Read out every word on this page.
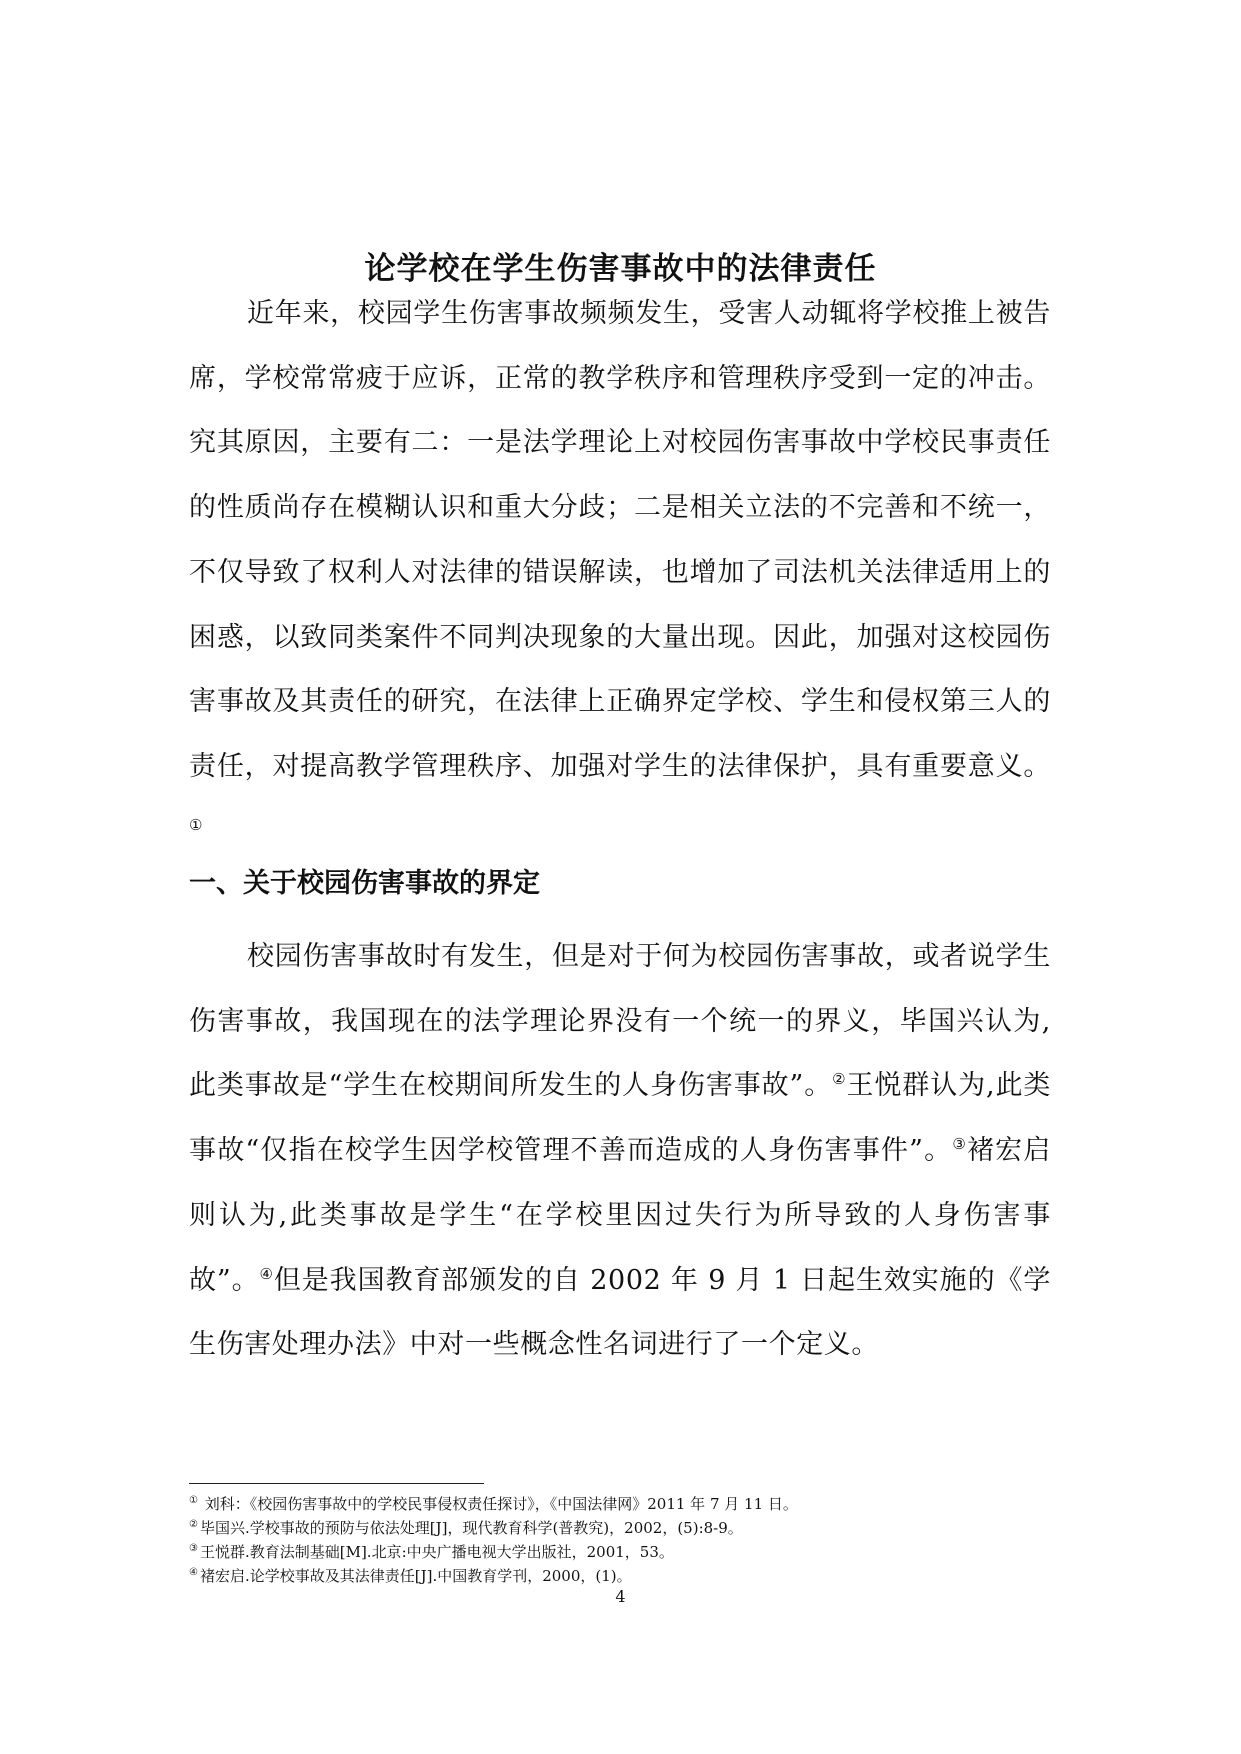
论学校在学生伤害事故中的法律责任

近年来，校园学生伤害事故频频发生，受害人动辄将学校推上被告席，学校常常疲于应诉，正常的教学秩序和管理秩序受到一定的冲击。究其原因，主要有二：一是法学理论上对校园伤害事故中学校民事责任的性质尚存在模糊认识和重大分歧；二是相关立法的不完善和不统一，不仅导致了权利人对法律的错误解读，也增加了司法机关法律适用上的困惑，以致同类案件不同判决现象的大量出现。因此，加强对这校园伤害事故及其责任的研究，在法律上正确界定学校、学生和侵权第三人的责任，对提高教学管理秩序、加强对学生的法律保护，具有重要意义。①

一、关于校园伤害事故的界定

校园伤害事故时有发生，但是对于何为校园伤害事故，或者说学生伤害事故，我国现在的法学理论界没有一个统一的界义，毕国兴认为,此类事故是“学生在校期间所发生的人身伤害事故”。②王悦群认为,此类事故“仅指在校学生因学校管理不善而造成的人身伤害事件”。③褚宏启则认为,此类事故是学生“在学校里因过失行为所导致的人身伤害事故”。④但是我国教育部颁发的自 2002 年 9 月 1 日起生效实施的《学生伤害处理办法》中对一些概念性名词进行了一个定义。

① 刘科：《校园伤害事故中的学校民事侵权责任探讨》，《中国法律网》2011 年 7 月 11 日。
② 毕国兴.学校事故的预防与依法处理[J]，现代教育科学(普教究)，2002，(5):8-9。
③ 王悦群.教育法制基础[M].北京:中央广播电视大学出版社，2001，53。
④ 褚宏启.论学校事故及其法律责任[J].中国教育学刊，2000，(1)。
4
